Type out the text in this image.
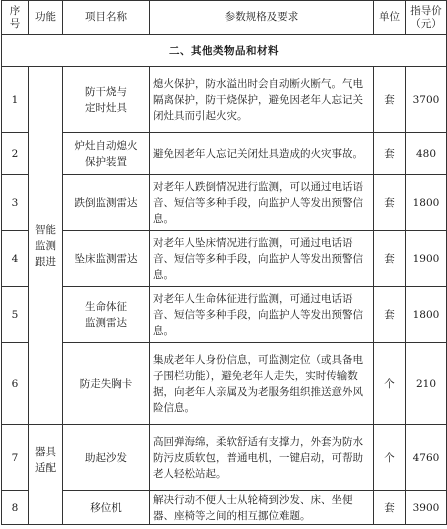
序号	功能	项目名称	参数规格及要求	单位	指导价
（元）

二、其他类物品和材料					
1	智能
监测
跟进	防干烧与
定时灶具	熄火保护，防水溢出时会自动断火断气。气电隔离保护，防干烧保护，避免因老年人忘记关闭灶具而引起火灾。	套	3700
2		炉灶自动熄火
保护装置	避免因老年人忘记关闭灶具造成的火灾事故。	套	480
3		跌倒监测雷达	对老年人跌倒情况进行监测，可以通过电话语音、短信等多种手段，向监护人等发出预警信息。	套	1800
4		坠床监测雷达	对老年人坠床情况进行监测，可通过电话语音、短信等多种手段，向监护人等发出预警信息。	套	1900
5		生命体征
监测雷达	对老年人生命体征进行监测，可通过电话语音、短信等多种手段，向监护人等发出预警信息。	套	1800
6		防走失胸卡	集成老年人身份信息，可监测定位（或具备电子围栏功能），避免老年人走失，实时传输数据，向老年人亲属及为老服务组织推送意外风险信息。	个	210
7	器具
适配	助起沙发	高回弹海绵，柔软舒适有支撑力，外套为防水防污皮质软包，普通电机，一键启动，可帮助老人轻松站起。	个	4760
8		移位机	解决行动不便人士从轮椅到沙发、床、坐便器、座椅等之间的相互挪位难题。	套	3900
